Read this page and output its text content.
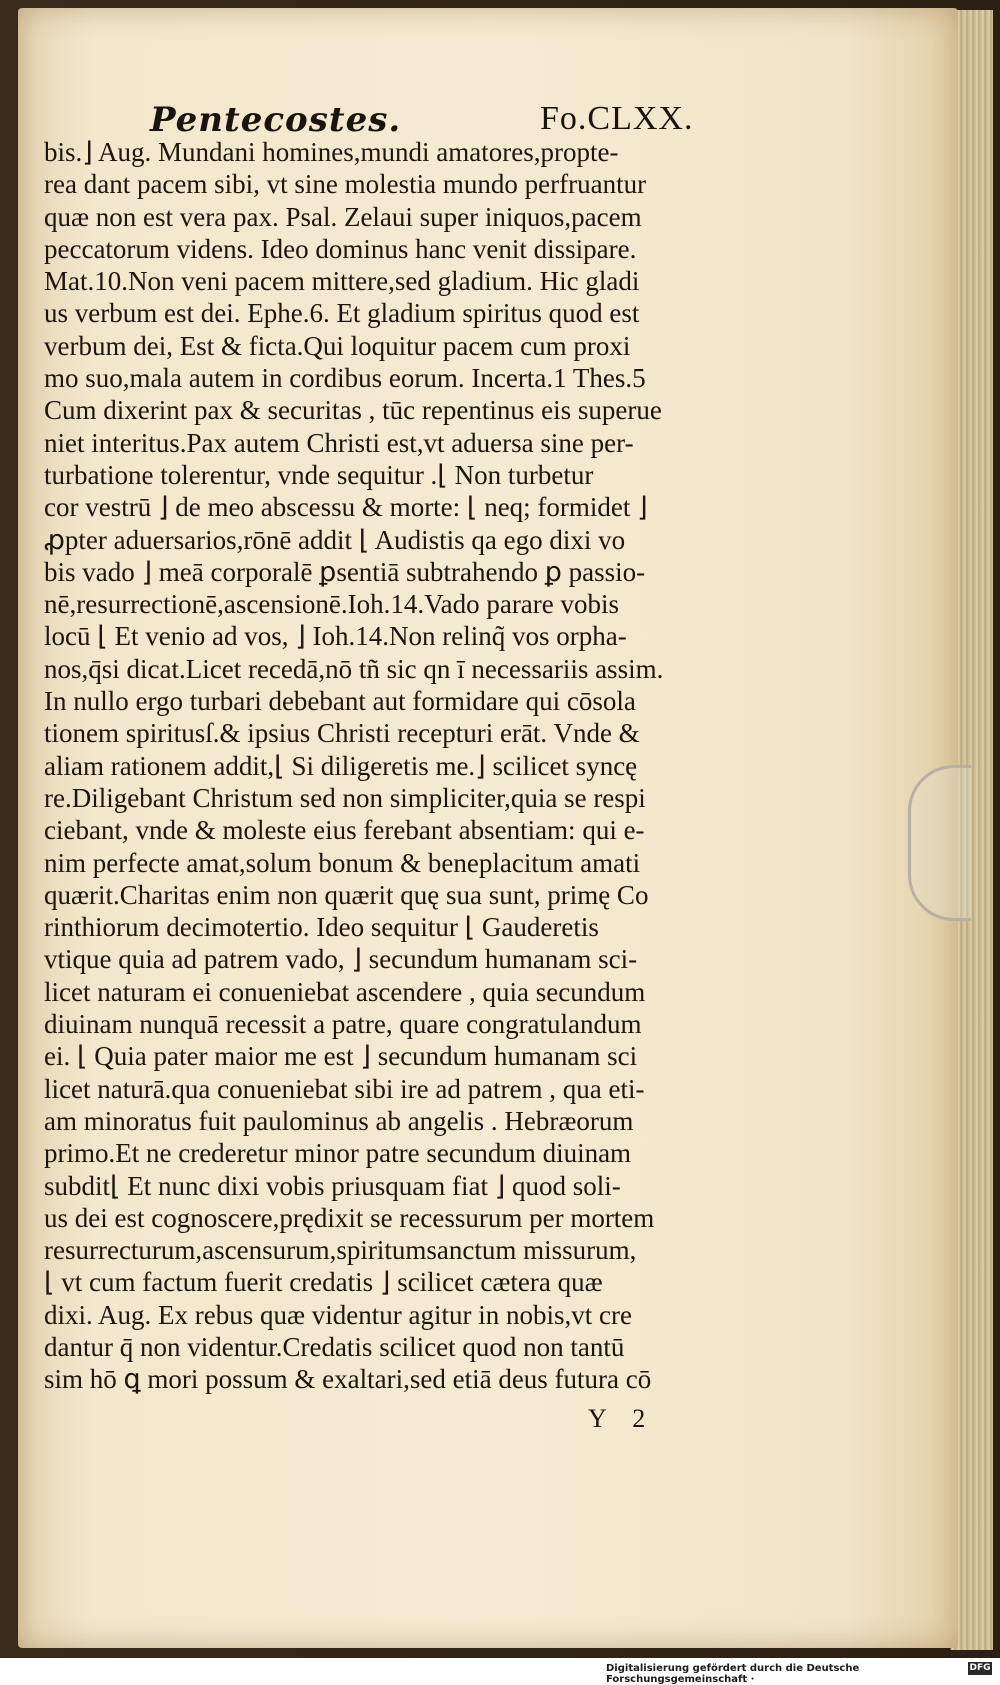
Pentecostes.	Fo.CLXX.
bis.⌋ Aug. Mundani homines,mundi amatores,propte-
rea dant pacem sibi, vt sine molestia mundo perfruantur
quæ non est vera pax. Psal. Zelaui super iniquos,pacem
peccatorum videns. Ideo dominus hanc venit dissipare.
Mat.10.Non veni pacem mittere,sed gladium. Hic gladi
us verbum est dei. Ephe.6. Et gladium spiritus quod est
verbum dei, Est & ficta.Qui loquitur pacem cum proxi
mo suo,mala autem in cordibus eorum. Incerta.1 Thes.5
Cum dixerint pax & securitas , tūc repentinus eis superue
niet interitus.Pax autem Christi est,vt aduersa sine per-
turbatione tolerentur, vnde sequitur .⌊ Non turbetur
cor vestrū ⌋ de meo abscessu & morte: ⌊ neq; formidet ⌋
ꝓpter aduersarios,rōnē addit ⌊ Audistis qa ego dixi vo
bis vado ⌋ meā corporalē ꝑsentiā subtrahendo ꝑ passio-
nē,resurrectionē,ascensionē.Ioh.14.Vado parare vobis
locū ⌊ Et venio ad vos, ⌋ Ioh.14.Non relinq̃ vos orpha-
nos,q̄si dicat.Licet recedā,nō tñ sic qn ī necessariis assim.
In nullo ergo turbari debebant aut formidare qui cōsola
tionem spiritusſ.& ipsius Christi recepturi erāt. Vnde &
aliam rationem addit,⌊ Si diligeretis me.⌋ scilicet syncę
re.Diligebant Christum sed non simpliciter,quia se respi
ciebant, vnde & moleste eius ferebant absentiam: qui e-
nim perfecte amat,solum bonum & beneplacitum amati
quærit.Charitas enim non quærit quę sua sunt, primę Co
rinthiorum decimotertio. Ideo sequitur ⌊ Gauderetis
vtique quia ad patrem vado, ⌋ secundum humanam sci-
licet naturam ei conueniebat ascendere , quia secundum
diuinam nunquā recessit a patre, quare congratulandum
ei. ⌊ Quia pater maior me est ⌋ secundum humanam sci
licet naturā.qua conueniebat sibi ire ad patrem , qua eti-
am minoratus fuit paulominus ab angelis . Hebræorum
primo.Et ne crederetur minor patre secundum diuinam
subdit⌊ Et nunc dixi vobis priusquam fiat ⌋ quod soli-
us dei est cognoscere,prędixit se recessurum per mortem
resurrecturum,ascensurum,spiritumsanctum missurum,
⌊ vt cum factum fuerit credatis ⌋ scilicet cætera quæ
dixi. Aug. Ex rebus quæ videntur agitur in nobis,vt cre
dantur q̄ non videntur.Credatis scilicet quod non tantū
sim hō ꝗ mori possum & exaltari,sed etiā deus futura cō
Y 2
Digitalisierung gefördert durch die Deutsche Forschungsgemeinschaft ·
DFG
